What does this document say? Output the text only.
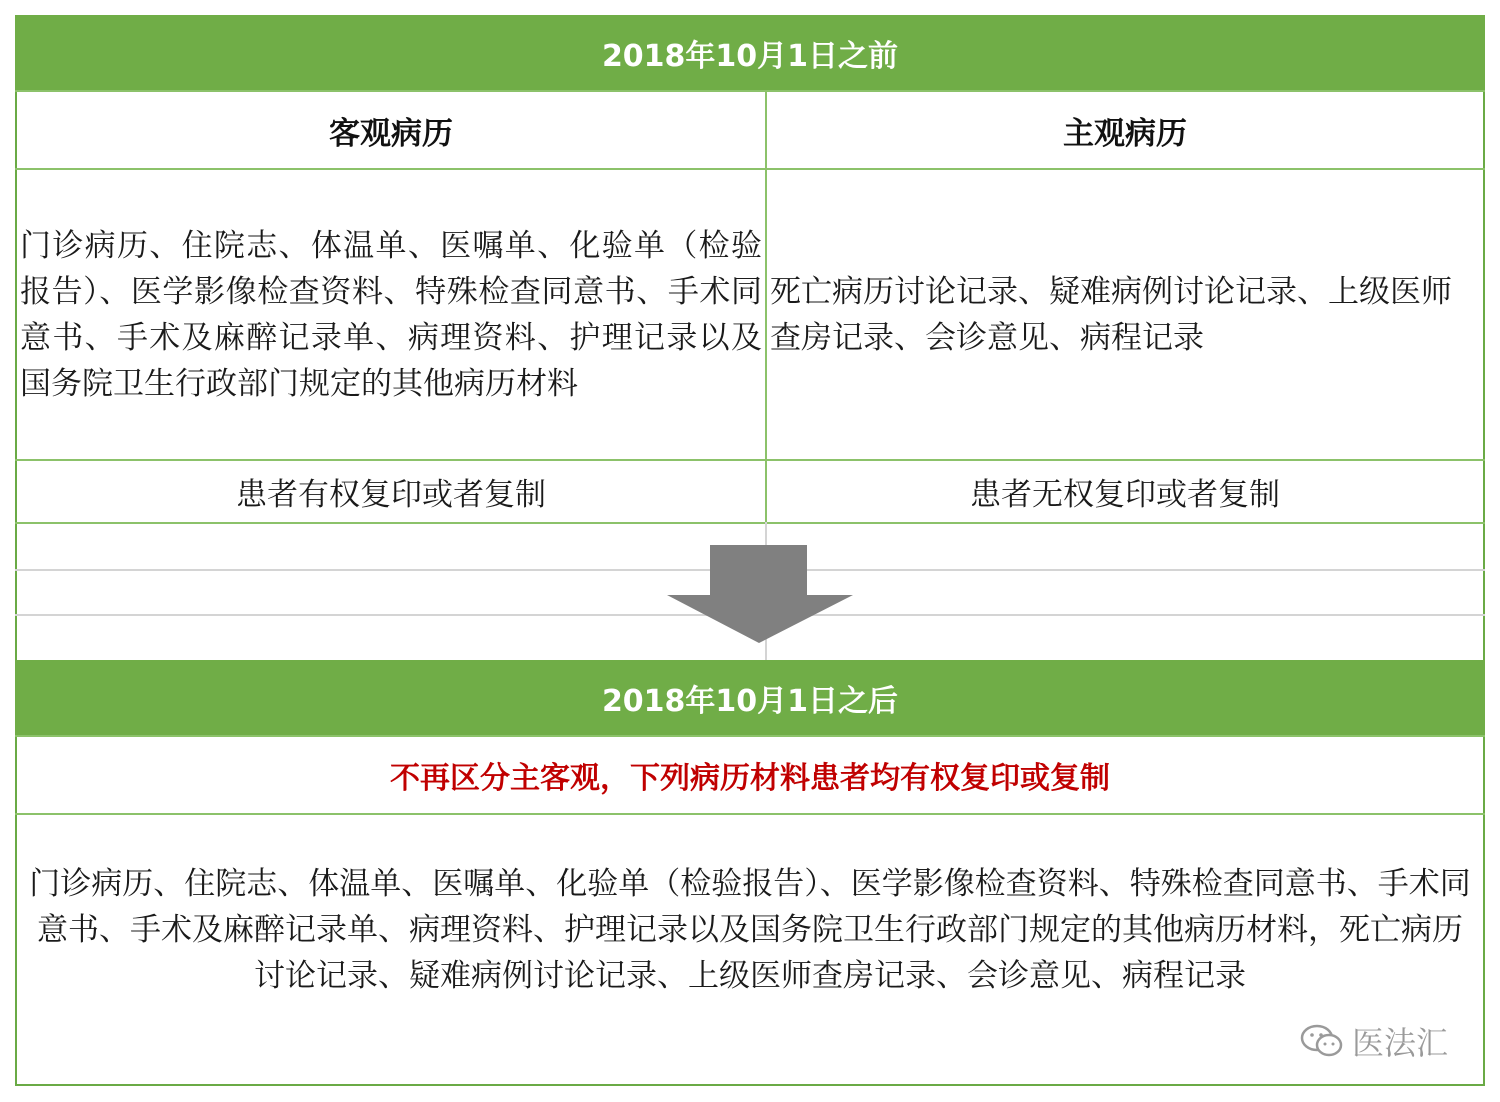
2018年10月1日之前
客观病历	主观病历
门诊病历、住院志、体温单、医嘱单、化验单（检验报告）、医学影像检查资料、特殊检查同意书、手术同意书、手术及麻醉记录单、病理资料、护理记录以及国务院卫生行政部门规定的其他病历材料
死亡病历讨论记录、疑难病例讨论记录、上级医师查房记录、会诊意见、病程记录
患者有权复印或者复制	患者无权复印或者复制
2018年10月1日之后
不再区分主客观，下列病历材料患者均有权复印或复制
门诊病历、住院志、体温单、医嘱单、化验单（检验报告）、医学影像检查资料、特殊检查同意书、手术同意书、手术及麻醉记录单、病理资料、护理记录以及国务院卫生行政部门规定的其他病历材料，死亡病历讨论记录、疑难病例讨论记录、上级医师查房记录、会诊意见、病程记录
医法汇
